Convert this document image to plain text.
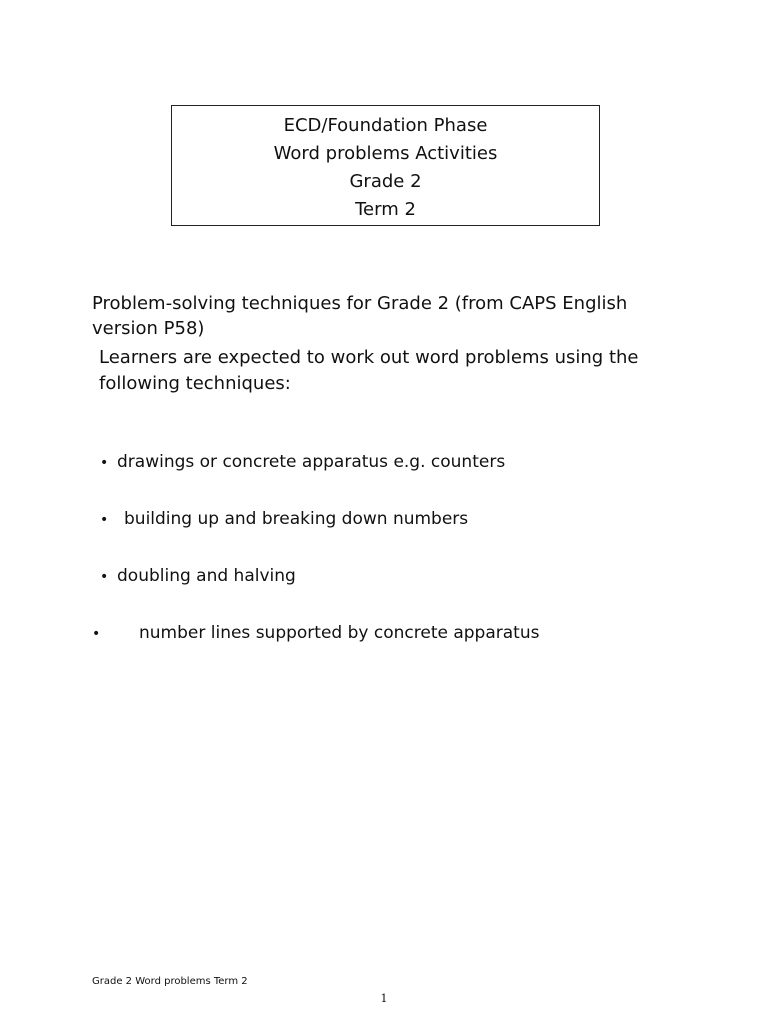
ECD/Foundation Phase
Word problems Activities
Grade 2
Term 2
Problem-solving techniques for Grade 2 (from CAPS English version P58)
Learners are expected to work out word problems using the following techniques:
• drawings or concrete apparatus e.g. counters
• building up and breaking down numbers
• doubling and halving
• number lines supported by concrete apparatus
Grade 2 Word problems Term 2
1
